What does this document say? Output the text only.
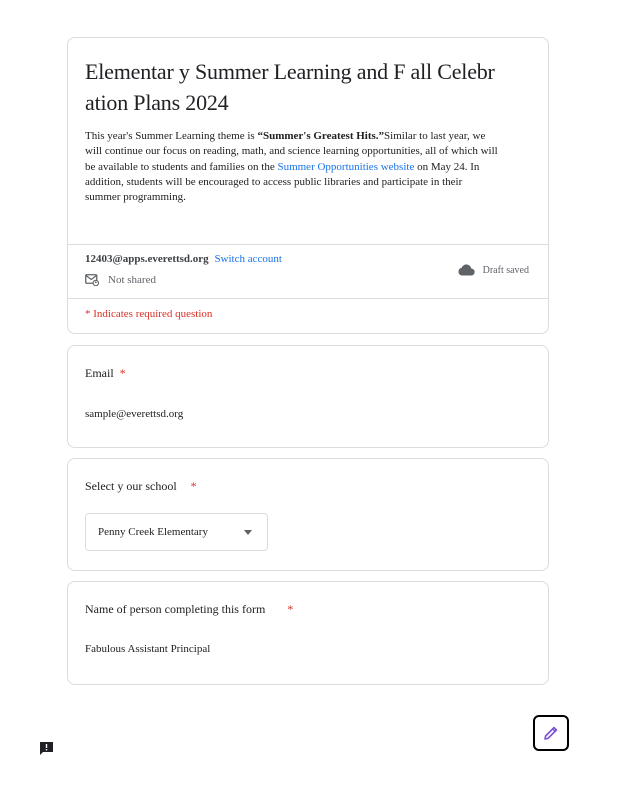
Elementar y Summer Learning and F all Celebr ation Plans 2024
This year's Summer Learning theme is “Summer's Greatest Hits.”Similar to last year, we will continue our focus on reading, math, and science learning opportunities, all of which will be available to students and families on the Summer Opportunities website on May 24. In addition, students will be encouraged to access public libraries and participate in their summer programming.
12403@apps.everettsd.org Switch account
Not shared
Draft saved
* Indicates required question
Email *
sample@everettsd.org
Select y our school *
Penny Creek Elementary
Name of person completing this form *
Fabulous Assistant Principal
